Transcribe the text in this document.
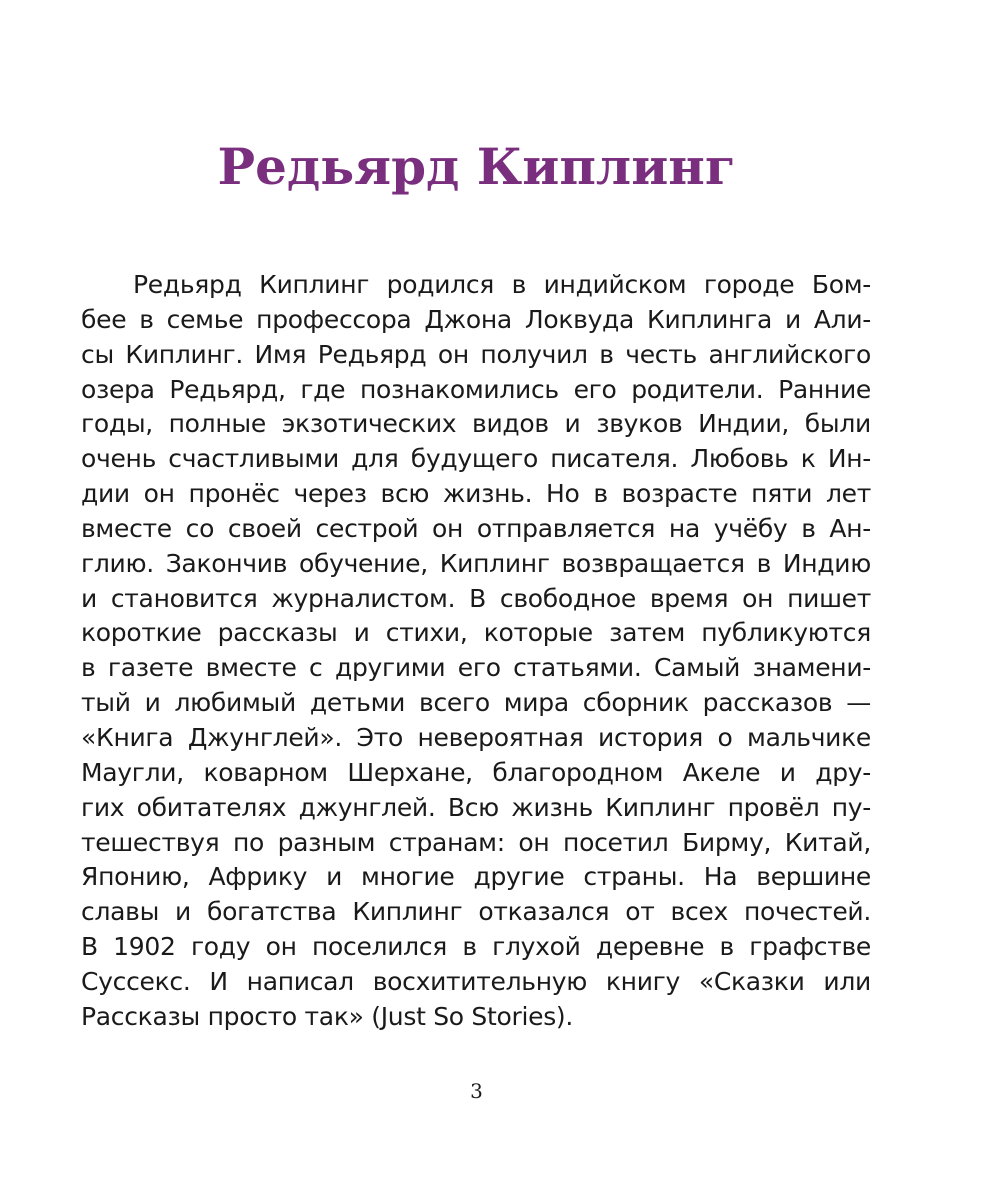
Редьярд Киплинг
Редьярд Киплинг родился в индийском городе Бом-
бее в семье профессора Джона Локвуда Киплинга и Али-
сы Киплинг. Имя Редьярд он получил в честь английского
озера Редьярд, где познакомились его родители. Ранние
годы, полные экзотических видов и звуков Индии, были
очень счастливыми для будущего писателя. Любовь к Ин-
дии он пронёс через всю жизнь. Но в возрасте пяти лет
вместе со своей сестрой он отправляется на учёбу в Ан-
глию. Закончив обучение, Киплинг возвращается в Индию
и становится журналистом. В свободное время он пишет
короткие рассказы и стихи, которые затем публикуются
в газете вместе с другими его статьями. Самый знамени-
тый и любимый детьми всего мира сборник рассказов —
«Книга Джунглей». Это невероятная история о мальчике
Маугли, коварном Шерхане, благородном Акеле и дру-
гих обитателях джунглей. Всю жизнь Киплинг провёл пу-
тешествуя по разным странам: он посетил Бирму, Китай,
Японию, Африку и многие другие страны. На вершине
славы и богатства Киплинг отказался от всех почестей.
В 1902 году он поселился в глухой деревне в графстве
Суссекс. И написал восхитительную книгу «Сказки или
Рассказы просто так» (Just So Stories).
3
